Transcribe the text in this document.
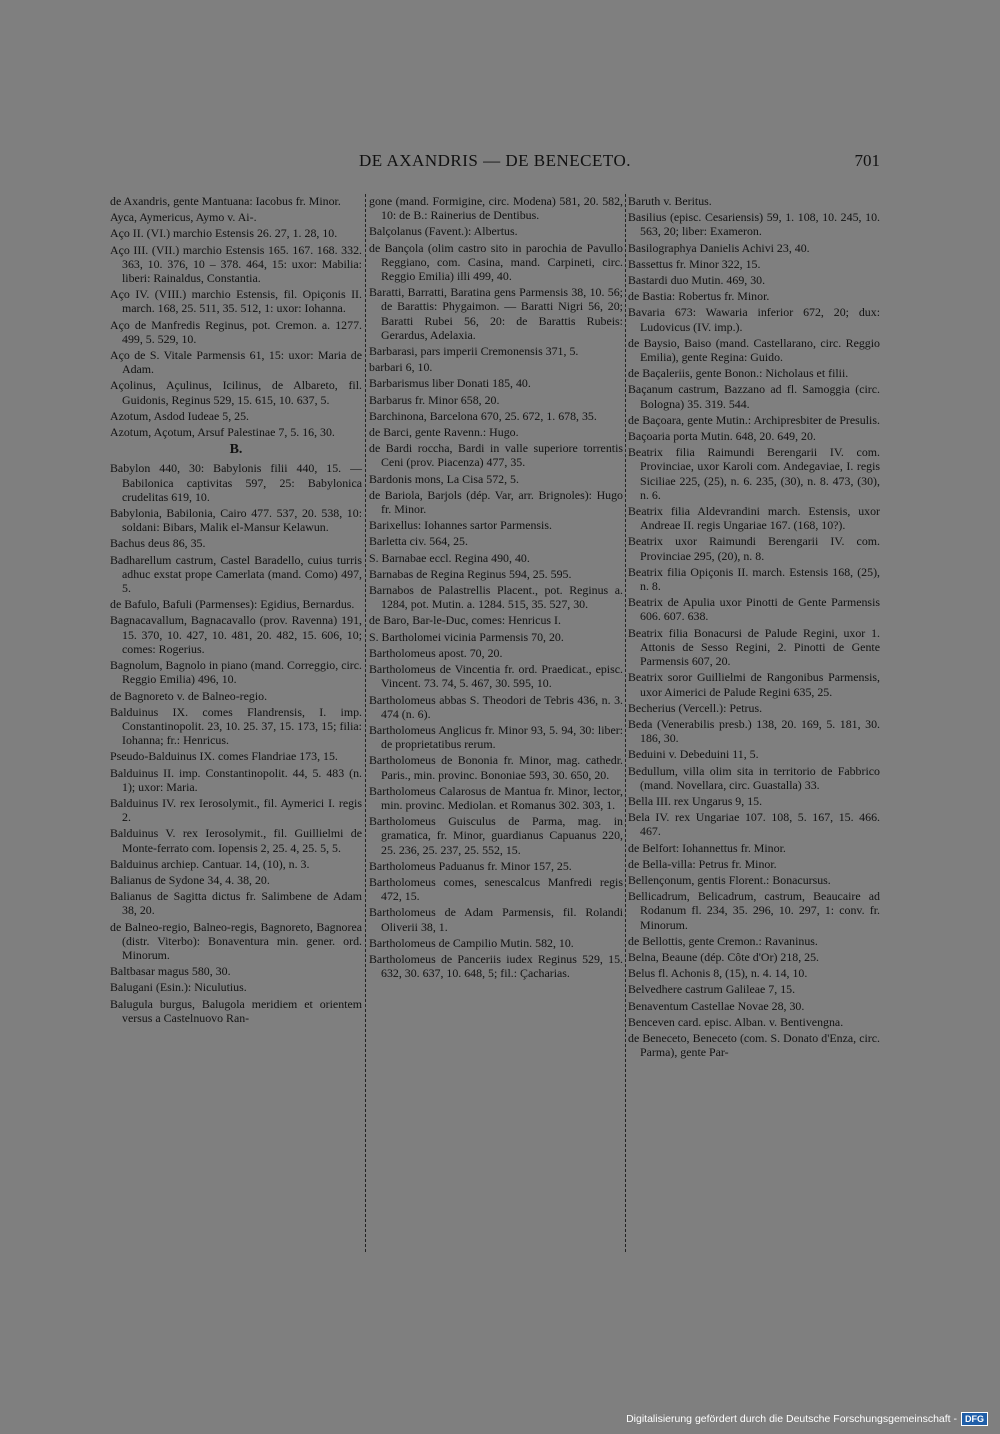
DE AXANDRIS — DE BENECETO.	701
de Axandris, gente Mantuana: Iacobus fr. Minor.
Ayca, Aymericus, Aymo v. Ai-.
Aço II. (VI.) marchio Estensis 26. 27, 1. 28, 10.
Aço III. (VII.) marchio Estensis 165. 167. 168. 332. 363, 10. 376, 10 – 378. 464, 15: uxor: Mabilia: liberi: Rainaldus, Constantia.
Aço IV. (VIII.) marchio Estensis, fil. Opiçonis II. march. 168, 25. 511, 35. 512, 1: uxor: Iohanna.
Aço de Manfredis Reginus, pot. Cremon. a. 1277. 499, 5. 529, 10.
Aço de S. Vitale Parmensis 61, 15: uxor: Maria de Adam.
Açolinus, Açulinus, Icilinus, de Albareto, fil. Guidonis, Reginus 529, 15. 615, 10. 637, 5.
Azotum, Asdod Iudeae 5, 25.
Azotum, Açotum, Arsuf Palestinae 7, 5. 16, 30.
B.
Babylon 440, 30: Babylonis filii 440, 15. — Babilonica captivitas 597, 25: Babylonica crudelitas 619, 10.
Babylonia, Babilonia, Cairo 477. 537, 20. 538, 10: soldani: Bibars, Malik el-Mansur Kelawun.
Bachus deus 86, 35.
Badharellum castrum, Castel Baradello, cuius turris adhuc exstat prope Camerlata (mand. Como) 497, 5.
de Bafulo, Bafuli (Parmenses): Egidius, Bernardus.
Bagnacavallum, Bagnacavallo (prov. Ravenna) 191, 15. 370, 10. 427, 10. 481, 20. 482, 15. 606, 10; comes: Rogerius.
Bagnolum, Bagnolo in piano (mand. Correggio, circ. Reggio Emilia) 496, 10.
de Bagnoreto v. de Balneo-regio.
Balduinus IX. comes Flandrensis, I. imp. Constantinopolit. 23, 10. 25. 37, 15. 173, 15; filia: Iohanna; fr.: Henricus.
Pseudo-Balduinus IX. comes Flandriae 173, 15.
Balduinus II. imp. Constantinopolit. 44, 5. 483 (n. 1); uxor: Maria.
Balduinus IV. rex Ierosolymit., fil. Aymerici I. regis 2.
Balduinus V. rex Ierosolymit., fil. Guillielmi de Monte-ferrato com. Iopensis 2, 25. 4, 25. 5, 5.
Balduinus archiep. Cantuar. 14, (10), n. 3.
Balianus de Sydone 34, 4. 38, 20.
Balianus de Sagitta dictus fr. Salimbene de Adam 38, 20.
de Balneo-regio, Balneo-regis, Bagnoreto, Bagnorea (distr. Viterbo): Bonaventura min. gener. ord. Minorum.
Baltbasar magus 580, 30.
Balugani (Esin.): Niculutius.
Balugula burgus, Balugola meridiem et orientem versus a Castelnuovo Ran-
gone (mand. Formigine, circ. Modena) 581, 20. 582, 10: de B.: Rainerius de Dentibus.
Balçolanus (Favent.): Albertus.
de Bançola (olim castro sito in parochia de Pavullo Reggiano, com. Casina, mand. Carpineti, circ. Reggio Emilia) illi 499, 40.
Baratti, Barratti, Baratina gens Parmensis 38, 10. 56; de Barattis: Phygaimon. — Baratti Nigri 56, 20; Baratti Rubei 56, 20: de Barattis Rubeis: Gerardus, Adelaxia.
Barbarasi, pars imperii Cremonensis 371, 5.
barbari 6, 10.
Barbarismus liber Donati 185, 40.
Barbarus fr. Minor 658, 20.
Barchinona, Barcelona 670, 25. 672, 1. 678, 35.
de Barci, gente Ravenn.: Hugo.
de Bardi roccha, Bardi in valle superiore torrentis Ceni (prov. Piacenza) 477, 35.
Bardonis mons, La Cisa 572, 5.
de Bariola, Barjols (dép. Var, arr. Brignoles): Hugo fr. Minor.
Barixellus: Iohannes sartor Parmensis.
Barletta civ. 564, 25.
S. Barnabae eccl. Regina 490, 40.
Barnabas de Regina Reginus 594, 25. 595.
Barnabos de Palastrellis Placent., pot. Reginus a. 1284, pot. Mutin. a. 1284. 515, 35. 527, 30.
de Baro, Bar-le-Duc, comes: Henricus I.
S. Bartholomei vicinia Parmensis 70, 20.
Bartholomeus apost. 70, 20.
Bartholomeus de Vincentia fr. ord. Praedicat., episc. Vincent. 73. 74, 5. 467, 30. 595, 10.
Bartholomeus abbas S. Theodori de Tebris 436, n. 3. 474 (n. 6).
Bartholomeus Anglicus fr. Minor 93, 5. 94, 30: liber: de proprietatibus rerum.
Bartholomeus de Bononia fr. Minor, mag. cathedr. Paris., min. provinc. Bononiae 593, 30. 650, 20.
Bartholomeus Calarosus de Mantua fr. Minor, lector, min. provinc. Mediolan. et Romanus 302. 303, 1.
Bartholomeus Guisculus de Parma, mag. in gramatica, fr. Minor, guardianus Capuanus 220, 25. 236, 25. 237, 25. 552, 15.
Bartholomeus Paduanus fr. Minor 157, 25.
Bartholomeus comes, senescalcus Manfredi regis 472, 15.
Bartholomeus de Adam Parmensis, fil. Rolandi Oliverii 38, 1.
Bartholomeus de Campilio Mutin. 582, 10.
Bartholomeus de Panceriis iudex Reginus 529, 15. 632, 30. 637, 10. 648, 5; fil.: Çacharias.
Baruth v. Beritus.
Basilius (episc. Cesariensis) 59, 1. 108, 10. 245, 10. 563, 20; liber: Exameron.
Basilographya Danielis Achivi 23, 40.
Bassettus fr. Minor 322, 15.
Bastardi duo Mutin. 469, 30.
de Bastia: Robertus fr. Minor.
Bavaria 673: Wawaria inferior 672, 20; dux: Ludovicus (IV. imp.).
de Baysio, Baiso (mand. Castellarano, circ. Reggio Emilia), gente Regina: Guido.
de Baçaleriis, gente Bonon.: Nicholaus et filii.
Baçanum castrum, Bazzano ad fl. Samoggia (circ. Bologna) 35. 319. 544.
de Baçoara, gente Mutin.: Archipresbiter de Presulis.
Baçoaria porta Mutin. 648, 20. 649, 20.
Beatrix filia Raimundi Berengarii IV. com. Provinciae, uxor Karoli com. Andegaviae, I. regis Siciliae 225, (25), n. 6. 235, (30), n. 8. 473, (30), n. 6.
Beatrix filia Aldevrandini march. Estensis, uxor Andreae II. regis Ungariae 167. (168, 10?).
Beatrix uxor Raimundi Berengarii IV. com. Provinciae 295, (20), n. 8.
Beatrix filia Opiçonis II. march. Estensis 168, (25), n. 8.
Beatrix de Apulia uxor Pinotti de Gente Parmensis 606. 607. 638.
Beatrix filia Bonacursi de Palude Regini, uxor 1. Attonis de Sesso Regini, 2. Pinotti de Gente Parmensis 607, 20.
Beatrix soror Guillielmi de Rangonibus Parmensis, uxor Aimerici de Palude Regini 635, 25.
Becherius (Vercell.): Petrus.
Beda (Venerabilis presb.) 138, 20. 169, 5. 181, 30. 186, 30.
Beduini v. Debeduini 11, 5.
Bedullum, villa olim sita in territorio de Fabbrico (mand. Novellara, circ. Guastalla) 33.
Bella III. rex Ungarus 9, 15.
Bela IV. rex Ungariae 107. 108, 5. 167, 15. 466. 467.
de Belfort: Iohannettus fr. Minor.
de Bella-villa: Petrus fr. Minor.
Bellençonum, gentis Florent.: Bonacursus.
Bellicadrum, Belicadrum, castrum, Beaucaire ad Rodanum fl. 234, 35. 296, 10. 297, 1: conv. fr. Minorum.
de Bellottis, gente Cremon.: Ravaninus.
Belna, Beaune (dép. Côte d'Or) 218, 25.
Belus fl. Achonis 8, (15), n. 4. 14, 10.
Belvedhere castrum Galileae 7, 15.
Benaventum Castellae Novae 28, 30.
Benceven card. episc. Alban. v. Bentivengna.
de Beneceto, Beneceto (com. S. Donato d'Enza, circ. Parma), gente Par-
Digitalisierung gefördert durch die Deutsche Forschungsgemeinschaft - DFG
